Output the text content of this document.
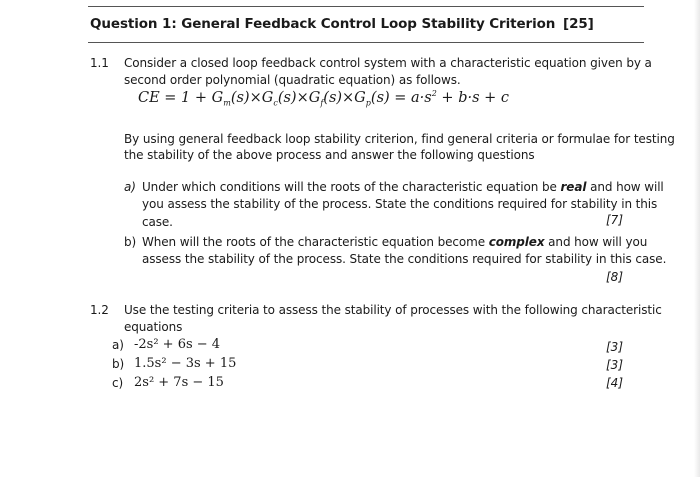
Question 1: General Feedback Control Loop Stability Criterion [25]
1.1 Consider a closed loop feedback control system with a characteristic equation given by a
second order polynomial (quadratic equation) as follows.
CE = $1 + G_m(s)\times G_c(s)\times G_f(s)\times G_p(s) = a\cdot s^2 + b\cdot s + c$
By using general feedback loop stability criterion, find general criteria or formulae for testing
the stability of the above process and answer the following questions
a) Under which conditions will the roots of the characteristic equation be real and how will
you assess the stability of the process. State the conditions required for stability in this
case.	[7]
b) When will the roots of the characteristic equation become complex and how will you
assess the stability of the process. State the conditions required for stability in this case.
[8]
1.2 Use the testing criteria to assess the stability of processes with the following characteristic
equations
a) -2s² + 6s − 4	[3]
b) 1.5s² − 3s + 15	[3]
c) 2s² + 7s − 15	[4]
